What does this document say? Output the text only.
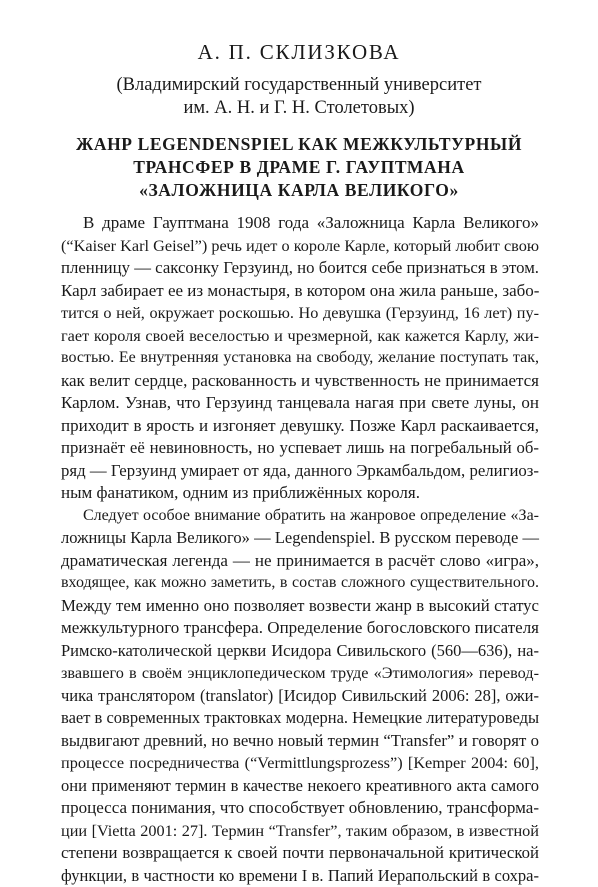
А. П. СКЛИЗКОВА
(Владимирский государственный университет
им. А. Н. и Г. Н. Столетовых)
ЖАНР LEGENDENSPIEL КАК МЕЖКУЛЬТУРНЫЙ
ТРАНСФЕР В ДРАМЕ Г. ГАУПТМАНА
«ЗАЛОЖНИЦА КАРЛА ВЕЛИКОГО»
В драме Гауптмана 1908 года «Заложница Карла Великого»
(“Kaiser Karl Geisel”) речь идет о короле Карле, который любит свою
пленницу — саксонку Герзуинд, но боится себе признаться в этом.
Карл забирает ее из монастыря, в котором она жила раньше, забо-
тится о ней, окружает роскошью. Но девушка (Герзуинд, 16 лет) пу-
гает короля своей веселостью и чрезмерной, как кажется Карлу, жи-
востью. Ее внутренняя установка на свободу, желание поступать так,
как велит сердце, раскованность и чувственность не принимается
Карлом. Узнав, что Герзуинд танцевала нагая при свете луны, он
приходит в ярость и изгоняет девушку. Позже Карл раскаивается,
признаёт её невиновность, но успевает лишь на погребальный об-
ряд — Герзуинд умирает от яда, данного Эркамбальдом, религиоз-
ным фанатиком, одним из приближённых короля.
Следует особое внимание обратить на жанровое определение «За-
ложницы Карла Великого» — Legendenspiel. В русском переводе —
драматическая легенда — не принимается в расчёт слово «игра»,
входящее, как можно заметить, в состав сложного существительного.
Между тем именно оно позволяет возвести жанр в высокий статус
межкультурного трансфера. Определение богословского писателя
Римско-католической церкви Исидора Сивильского (560—636), на-
звавшего в своём энциклопедическом труде «Этимология» перевод-
чика транслятором (translator) [Исидор Сивильский 2006: 28], ожи-
вает в современных трактовках модерна. Немецкие литературоведы
выдвигают древний, но вечно новый термин “Transfer” и говорят о
процессе посредничества (“Vermittlungsprozess”) [Kemper 2004: 60],
они применяют термин в качестве некоего креативного акта самого
процесса понимания, что способствует обновлению, трансформа-
ции [Vietta 2001: 27]. Термин “Transfer”, таким образом, в известной
степени возвращается к своей почти первоначальной критической
функции, в частности ко времени I в. Папий Иерапольский в сохра-
